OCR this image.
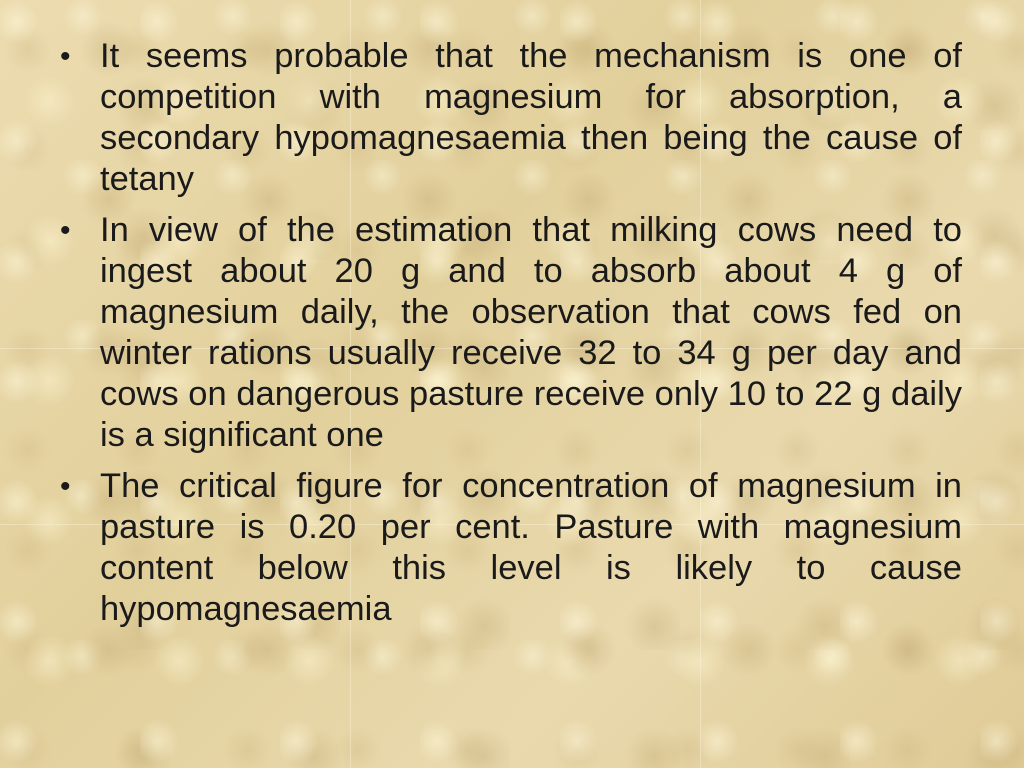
• It seems probable that the mechanism is one of competition with magnesium for absorption, a secondary hypomagnesaemia then being the cause of tetany
• In view of the estimation that milking cows need to ingest about 20 g and to absorb about 4 g of magnesium daily, the observation that cows fed on winter rations usually receive 32 to 34 g per day and cows on dangerous pasture receive only 10 to 22 g daily is a significant one
• The critical figure for concentration of magnesium in pasture is 0.20 per cent. Pasture with magnesium content below this level is likely to cause hypomagnesaemia
